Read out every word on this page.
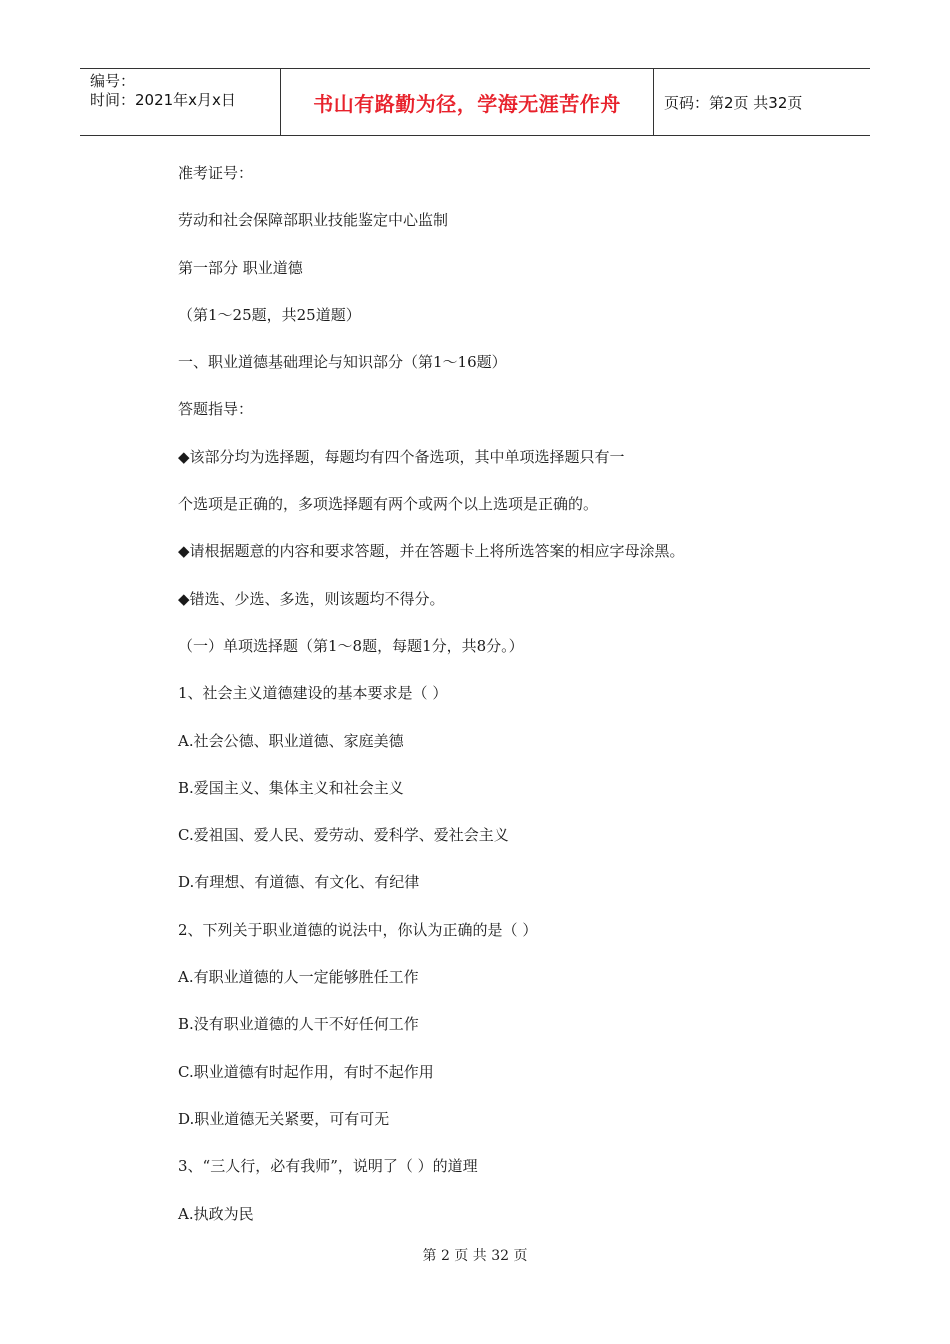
编号：
时间：2021年x月x日	书山有路勤为径，学海无涯苦作舟	页码：第2页 共32页
准考证号：
劳动和社会保障部职业技能鉴定中心监制
第一部分 职业道德
（第1～25题，共25道题）
一、职业道德基础理论与知识部分（第1～16题）
答题指导：
◆该部分均为选择题，每题均有四个备选项，其中单项选择题只有一
个选项是正确的，多项选择题有两个或两个以上选项是正确的。
◆请根据题意的内容和要求答题，并在答题卡上将所选答案的相应字母涂黑。
◆错选、少选、多选，则该题均不得分。
（一）单项选择题（第1～8题，每题1分，共8分。）
1、社会主义道德建设的基本要求是（ ）
A.社会公德、职业道德、家庭美德
B.爱国主义、集体主义和社会主义
C.爱祖国、爱人民、爱劳动、爱科学、爱社会主义
D.有理想、有道德、有文化、有纪律
2、下列关于职业道德的说法中，你认为正确的是（ ）
A.有职业道德的人一定能够胜任工作
B.没有职业道德的人干不好任何工作
C.职业道德有时起作用，有时不起作用
D.职业道德无关紧要，可有可无
3、“三人行，必有我师”，说明了（ ）的道理
A.执政为民
第 2 页 共 32 页
